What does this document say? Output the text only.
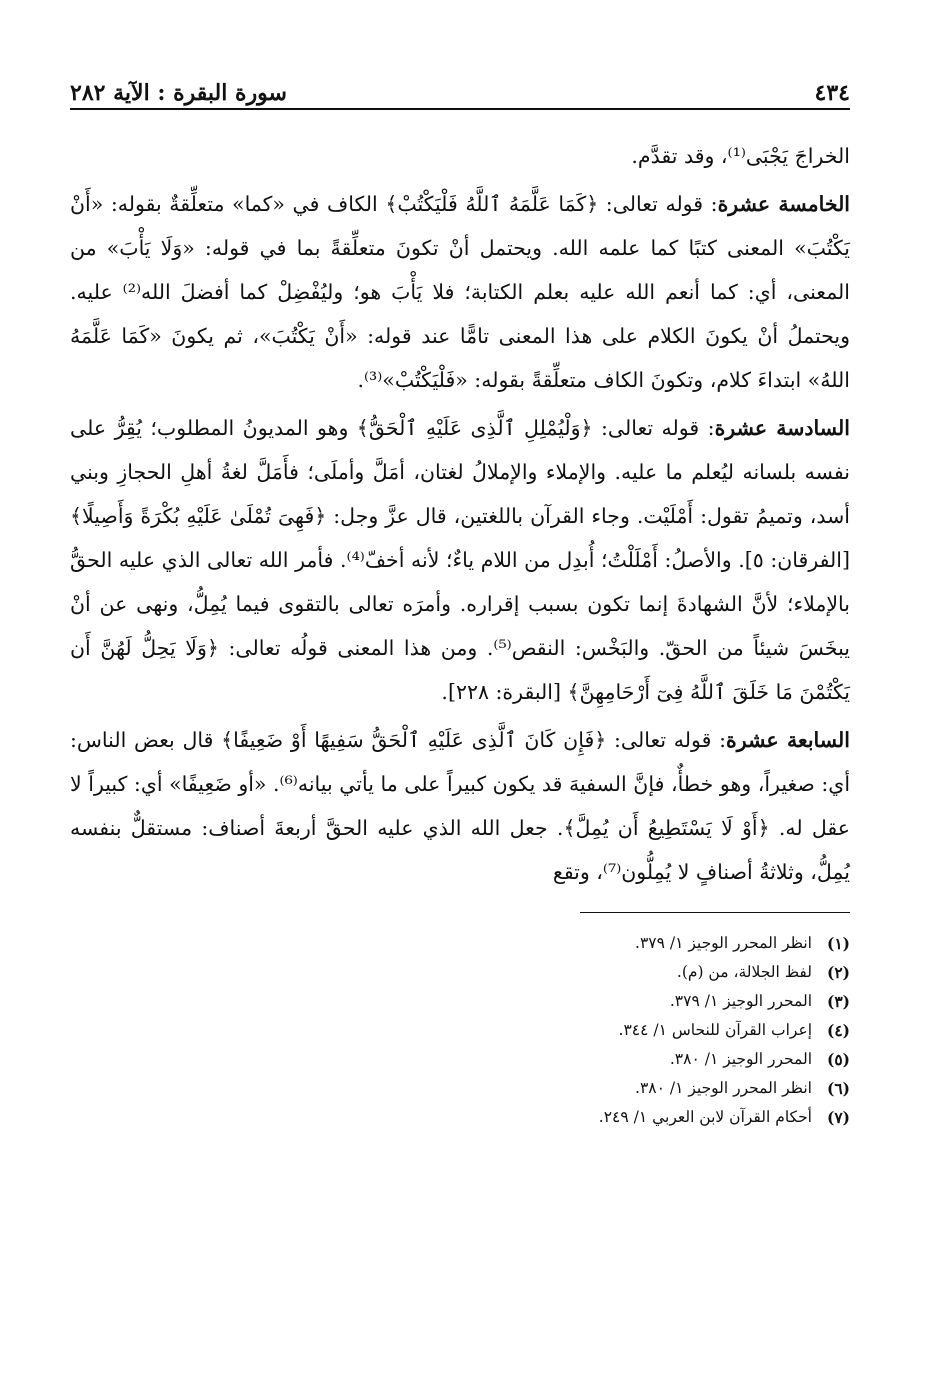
٤٣٤
سورة البقرة : الآية ٢٨٢

الخراجَ يَجْبَى⁽¹⁾، وقد تقدَّم.

الخامسة عشرة: قوله تعالى: ﴿كَمَا عَلَّمَهُ ٱللَّهُ فَلْيَكْتُبْ﴾ الكاف في «كما» متعلِّقةٌ بقوله: «أَنْ يَكْتُبَ» المعنى كتبًا كما علمه الله. ويحتمل أنْ تكونَ متعلِّقةً بما في قوله: «وَلَا يَأْبَ» من المعنى، أي: كما أنعم الله عليه بعلم الكتابة؛ فلا يَأْبَ هو؛ وليُفْضِلْ كما أفضلَ الله⁽²⁾ عليه. ويحتملُ أنْ يكونَ الكلام على هذا المعنى تامًّا عند قوله: «أَنْ يَكْتُبَ»، ثم يكونَ «كَمَا عَلَّمَهُ اللهُ» ابتداءَ كلام، وتكونَ الكاف متعلِّقةً بقوله: «فَلْيَكْتُبْ»⁽³⁾.

السادسة عشرة: قوله تعالى: ﴿وَلْيُمْلِلِ ٱلَّذِى عَلَيْهِ ٱلْحَقُّ﴾ وهو المديونُ المطلوب؛ يُقِرُّ على نفسه بلسانه ليُعلم ما عليه. والإملاء والإملالُ لغتان، أمَلَّ وأملَى؛ فأَمَلَّ لغةُ أهلِ الحجازِ وبني أسد، وتميمُ تقول: أَمْلَيْت. وجاء القرآن باللغتين، قال عزَّ وجل: ﴿فَهِىَ تُمْلَىٰ عَلَيْهِ بُكْرَةً وَأَصِيلًا﴾ [الفرقان: ٥]. والأصلُ: أَمْلَلْتُ؛ أُبدِل من اللام ياءٌ؛ لأنه أخفّ⁽⁴⁾. فأمر الله تعالى الذي عليه الحقُّ بالإملاء؛ لأنَّ الشهادةَ إنما تكون بسبب إقراره. وأمرَه تعالى بالتقوى فيما يُمِلُّ، ونهى عن أنْ يبخَسَ شيئاً من الحقّ. والبَخْس: النقص⁽⁵⁾. ومن هذا المعنى قولُه تعالى: ﴿وَلَا يَحِلُّ لَهُنَّ أَن يَكْتُمْنَ مَا خَلَقَ ٱللَّهُ فِىٓ أَرْحَامِهِنَّ﴾ [البقرة: ٢٢٨].

السابعة عشرة: قوله تعالى: ﴿فَإِن كَانَ ٱلَّذِى عَلَيْهِ ٱلْحَقُّ سَفِيهًا أَوْ ضَعِيفًا﴾ قال بعض الناس: أي: صغيراً، وهو خطأٌ، فإنَّ السفيهَ قد يكون كبيراً على ما يأتي بيانه⁽⁶⁾. «أو ضَعِيفًا» أي: كبيراً لا عقل له. ﴿أَوْ لَا يَسْتَطِيعُ أَن يُمِلَّ﴾. جعل الله الذي عليه الحقَّ أربعةَ أصناف: مستقلٌّ بنفسه يُمِلُّ، وثلاثةُ أصنافٍ لا يُمِلُّون⁽⁷⁾، وتقع

(١)
انظر المحرر الوجيز ١/ ٣٧٩.
(٢)
لفظ الجلالة، من (م).
(٣)
المحرر الوجيز ١/ ٣٧٩.
(٤)
إعراب القرآن للنحاس ١/ ٣٤٤.
(٥)
المحرر الوجيز ١/ ٣٨٠.
(٦)
انظر المحرر الوجيز ١/ ٣٨٠.
(٧)
أحكام القرآن لابن العربي ١/ ٢٤٩.
